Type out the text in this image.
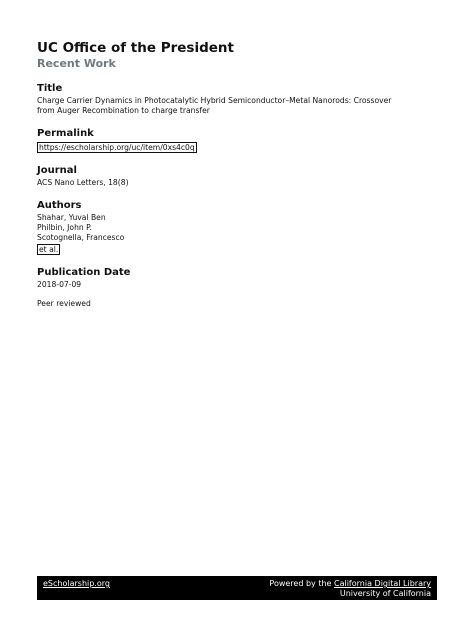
UC Office of the President
Recent Work
Title
Charge Carrier Dynamics in Photocatalytic Hybrid Semiconductor–Metal Nanorods: Crossover
from Auger Recombination to charge transfer
Permalink
https://escholarship.org/uc/item/0xs4c0q
Journal
ACS Nano Letters, 18(8)
Authors
Shahar, Yuval Ben
Philbin, John P.
Scotognella, Francesco
et al.
Publication Date
2018-07-09
Peer reviewed
eScholarship.org	Powered by the California Digital Library
University of California
